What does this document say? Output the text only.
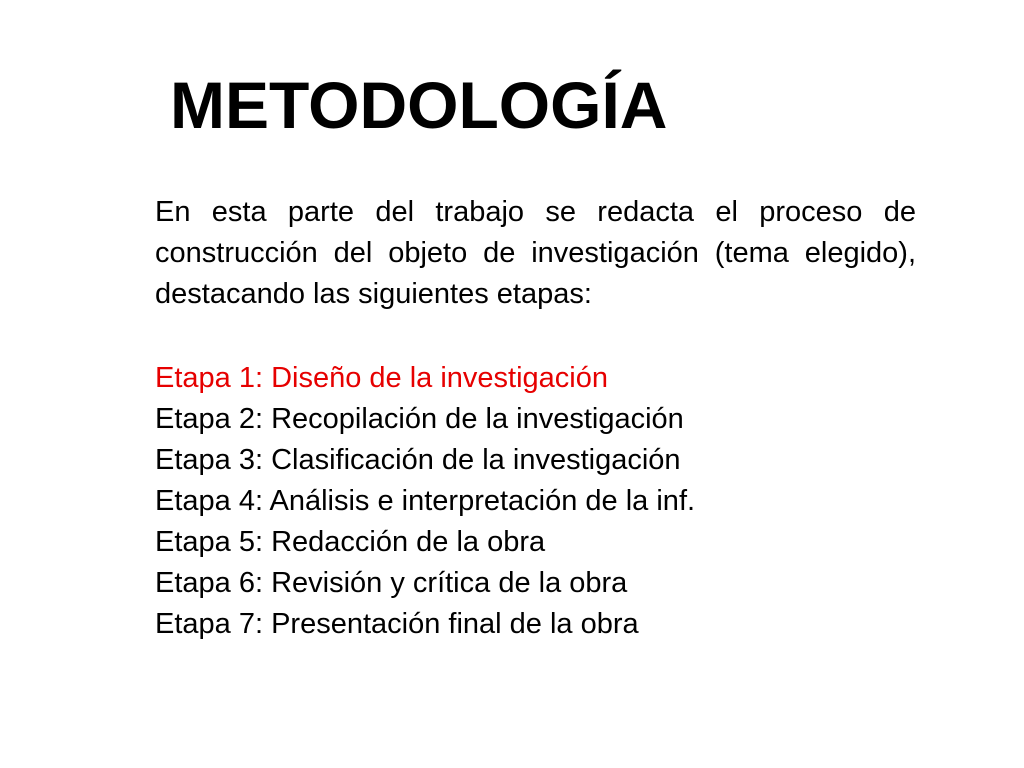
METODOLOGÍA

En esta parte del trabajo se redacta el proceso de construcción del objeto de investigación (tema elegido), destacando las siguientes etapas:

Etapa 1: Diseño de la investigación
Etapa 2: Recopilación de la investigación
Etapa 3: Clasificación de la investigación
Etapa 4: Análisis e interpretación de la inf.
Etapa 5: Redacción de la obra
Etapa 6: Revisión y crítica de la obra
Etapa 7: Presentación final de la obra
